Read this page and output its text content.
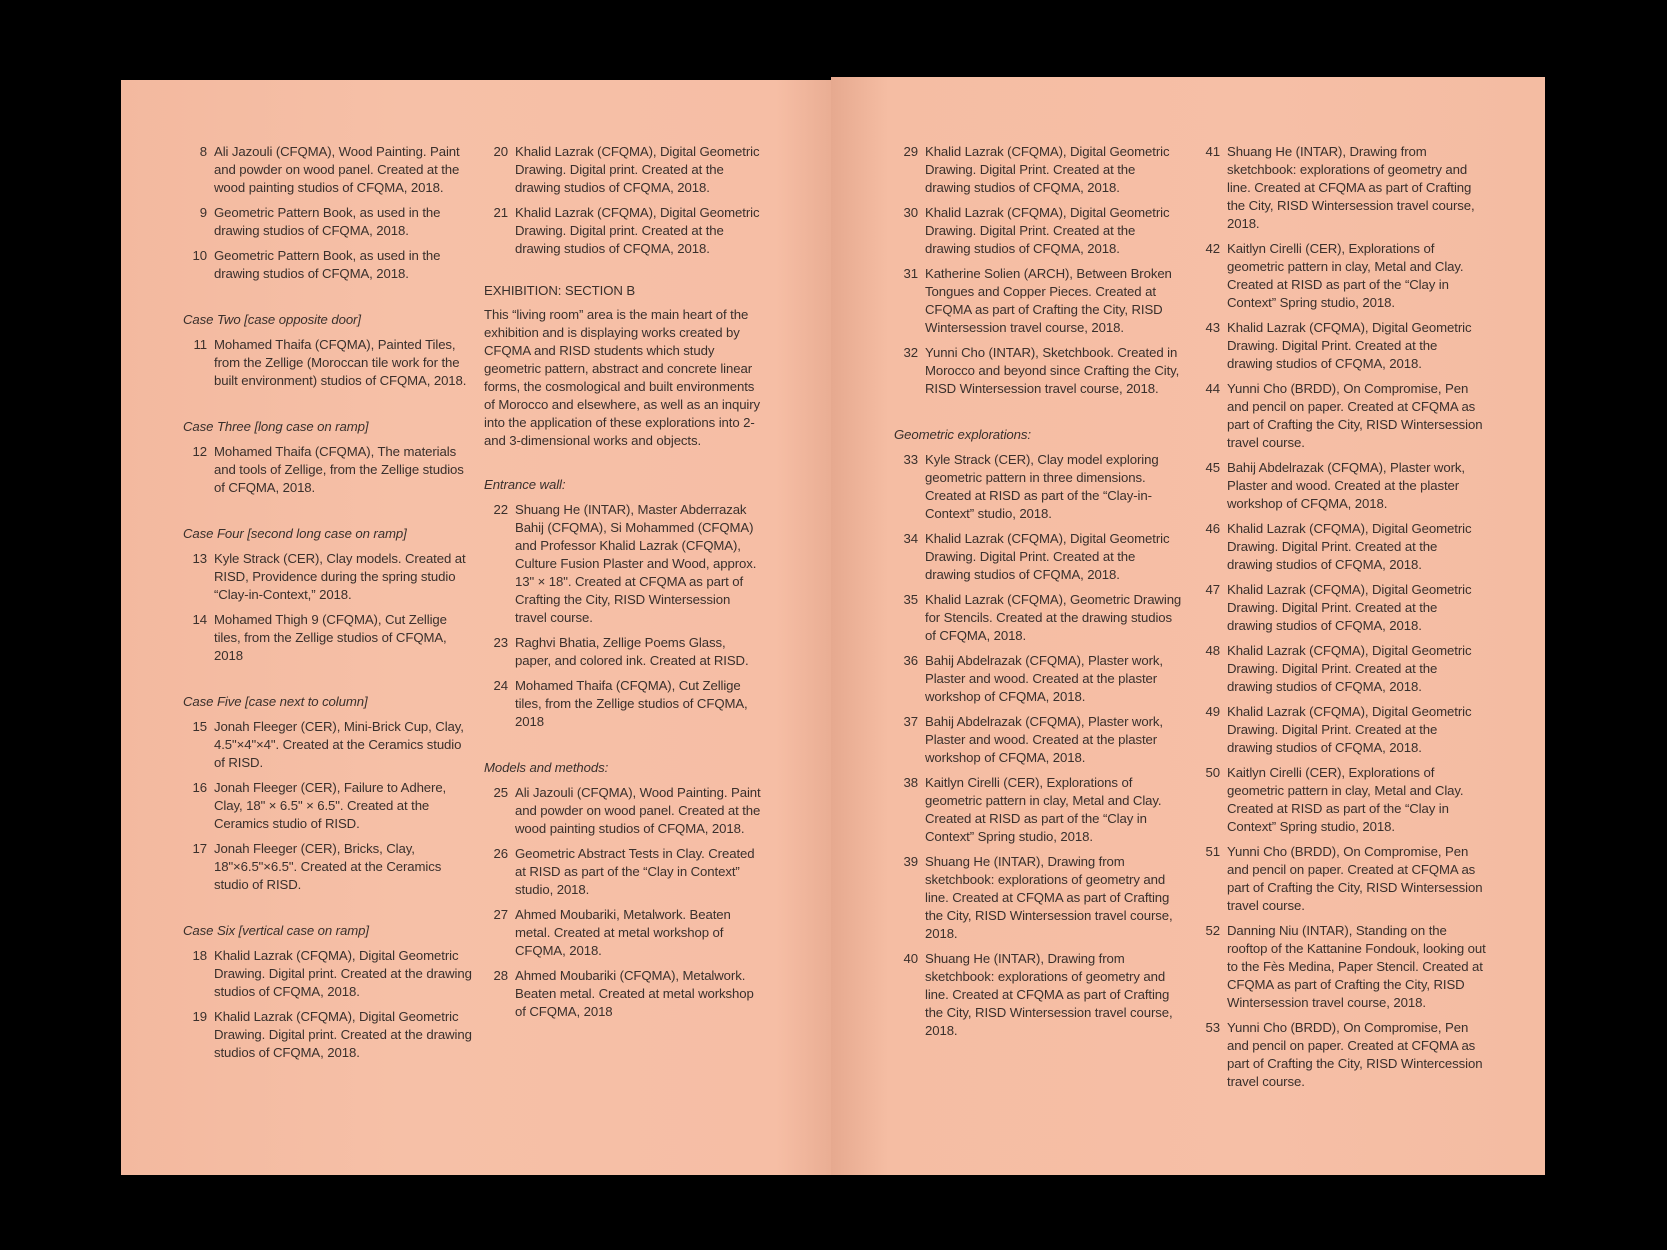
8 Ali Jazouli (CFQMA), Wood Painting. Paint and powder on wood panel. Created at the wood painting studios of CFQMA, 2018.
9 Geometric Pattern Book, as used in the drawing studios of CFQMA, 2018.
10 Geometric Pattern Book, as used in the drawing studios of CFQMA, 2018.
Case Two [case opposite door]
11 Mohamed Thaifa (CFQMA), Painted Tiles, from the Zellige (Moroccan tile work for the built environment) studios of CFQMA, 2018.
Case Three [long case on ramp]
12 Mohamed Thaifa (CFQMA), The materials and tools of Zellige, from the Zellige studios of CFQMA, 2018.
Case Four [second long case on ramp]
13 Kyle Strack (CER), Clay models. Created at RISD, Providence during the spring studio “Clay-in-Context,” 2018.
14 Mohamed Thigh 9 (CFQMA), Cut Zellige tiles, from the Zellige studios of CFQMA, 2018
Case Five [case next to column]
15 Jonah Fleeger (CER), Mini-Brick Cup, Clay, 4.5"×4"×4". Created at the Ceramics studio of RISD.
16 Jonah Fleeger (CER), Failure to Adhere, Clay, 18" × 6.5" × 6.5". Created at the Ceramics studio of RISD.
17 Jonah Fleeger (CER), Bricks, Clay, 18"×6.5"×6.5". Created at the Ceramics studio of RISD.
Case Six [vertical case on ramp]
18 Khalid Lazrak (CFQMA), Digital Geometric Drawing. Digital print. Created at the drawing studios of CFQMA, 2018.
19 Khalid Lazrak (CFQMA), Digital Geometric Drawing. Digital print. Created at the drawing studios of CFQMA, 2018.
20 Khalid Lazrak (CFQMA), Digital Geometric Drawing. Digital print. Created at the drawing studios of CFQMA, 2018.
21 Khalid Lazrak (CFQMA), Digital Geometric Drawing. Digital print. Created at the drawing studios of CFQMA, 2018.
EXHIBITION: SECTION B
This “living room” area is the main heart of the exhibition and is displaying works created by CFQMA and RISD students which study geometric pattern, abstract and concrete linear forms, the cosmological and built environments of Morocco and elsewhere, as well as an inquiry into the application of these explorations into 2- and 3-dimensional works and objects.
Entrance wall:
22 Shuang He (INTAR), Master Abderrazak Bahij (CFQMA), Si Mohammed (CFQMA) and Professor Khalid Lazrak (CFQMA), Culture Fusion Plaster and Wood, approx. 13" × 18". Created at CFQMA as part of Crafting the City, RISD Wintersession travel course.
23 Raghvi Bhatia, Zellige Poems Glass, paper, and colored ink. Created at RISD.
24 Mohamed Thaifa (CFQMA), Cut Zellige tiles, from the Zellige studios of CFQMA, 2018
Models and methods:
25 Ali Jazouli (CFQMA), Wood Painting. Paint and powder on wood panel. Created at the wood painting studios of CFQMA, 2018.
26 Geometric Abstract Tests in Clay. Created at RISD as part of the “Clay in Context” studio, 2018.
27 Ahmed Moubariki, Metalwork. Beaten metal. Created at metal workshop of CFQMA, 2018.
28 Ahmed Moubariki (CFQMA), Metalwork. Beaten metal. Created at metal workshop of CFQMA, 2018
29 Khalid Lazrak (CFQMA), Digital Geometric Drawing. Digital Print. Created at the drawing studios of CFQMA, 2018.
30 Khalid Lazrak (CFQMA), Digital Geometric Drawing. Digital Print. Created at the drawing studios of CFQMA, 2018.
31 Katherine Solien (ARCH), Between Broken Tongues and Copper Pieces. Created at CFQMA as part of Crafting the City, RISD Wintersession travel course, 2018.
32 Yunni Cho (INTAR), Sketchbook. Created in Morocco and beyond since Crafting the City, RISD Wintersession travel course, 2018.
Geometric explorations:
33 Kyle Strack (CER), Clay model exploring geometric pattern in three dimensions. Created at RISD as part of the “Clay-in-Context” studio, 2018.
34 Khalid Lazrak (CFQMA), Digital Geometric Drawing. Digital Print. Created at the drawing studios of CFQMA, 2018.
35 Khalid Lazrak (CFQMA), Geometric Drawing for Stencils. Created at the drawing studios of CFQMA, 2018.
36 Bahij Abdelrazak (CFQMA), Plaster work, Plaster and wood. Created at the plaster workshop of CFQMA, 2018.
37 Bahij Abdelrazak (CFQMA), Plaster work, Plaster and wood. Created at the plaster workshop of CFQMA, 2018.
38 Kaitlyn Cirelli (CER), Explorations of geometric pattern in clay, Metal and Clay. Created at RISD as part of the “Clay in Context” Spring studio, 2018.
39 Shuang He (INTAR), Drawing from sketchbook: explorations of geometry and line. Created at CFQMA as part of Crafting the City, RISD Wintersession travel course, 2018.
40 Shuang He (INTAR), Drawing from sketchbook: explorations of geometry and line. Created at CFQMA as part of Crafting the City, RISD Wintersession travel course, 2018.
41 Shuang He (INTAR), Drawing from sketchbook: explorations of geometry and line. Created at CFQMA as part of Crafting the City, RISD Wintersession travel course, 2018.
42 Kaitlyn Cirelli (CER), Explorations of geometric pattern in clay, Metal and Clay. Created at RISD as part of the “Clay in Context” Spring studio, 2018.
43 Khalid Lazrak (CFQMA), Digital Geometric Drawing. Digital Print. Created at the drawing studios of CFQMA, 2018.
44 Yunni Cho (BRDD), On Compromise, Pen and pencil on paper. Created at CFQMA as part of Crafting the City, RISD Wintersession travel course.
45 Bahij Abdelrazak (CFQMA), Plaster work, Plaster and wood. Created at the plaster workshop of CFQMA, 2018.
46 Khalid Lazrak (CFQMA), Digital Geometric Drawing. Digital Print. Created at the drawing studios of CFQMA, 2018.
47 Khalid Lazrak (CFQMA), Digital Geometric Drawing. Digital Print. Created at the drawing studios of CFQMA, 2018.
48 Khalid Lazrak (CFQMA), Digital Geometric Drawing. Digital Print. Created at the drawing studios of CFQMA, 2018.
49 Khalid Lazrak (CFQMA), Digital Geometric Drawing. Digital Print. Created at the drawing studios of CFQMA, 2018.
50 Kaitlyn Cirelli (CER), Explorations of geometric pattern in clay, Metal and Clay. Created at RISD as part of the “Clay in Context” Spring studio, 2018.
51 Yunni Cho (BRDD), On Compromise, Pen and pencil on paper. Created at CFQMA as part of Crafting the City, RISD Wintersession travel course.
52 Danning Niu (INTAR), Standing on the rooftop of the Kattanine Fondouk, looking out to the Fès Medina, Paper Stencil. Created at CFQMA as part of Crafting the City, RISD Wintersession travel course, 2018.
53 Yunni Cho (BRDD), On Compromise, Pen and pencil on paper. Created at CFQMA as part of Crafting the City, RISD Wintercession travel course.
